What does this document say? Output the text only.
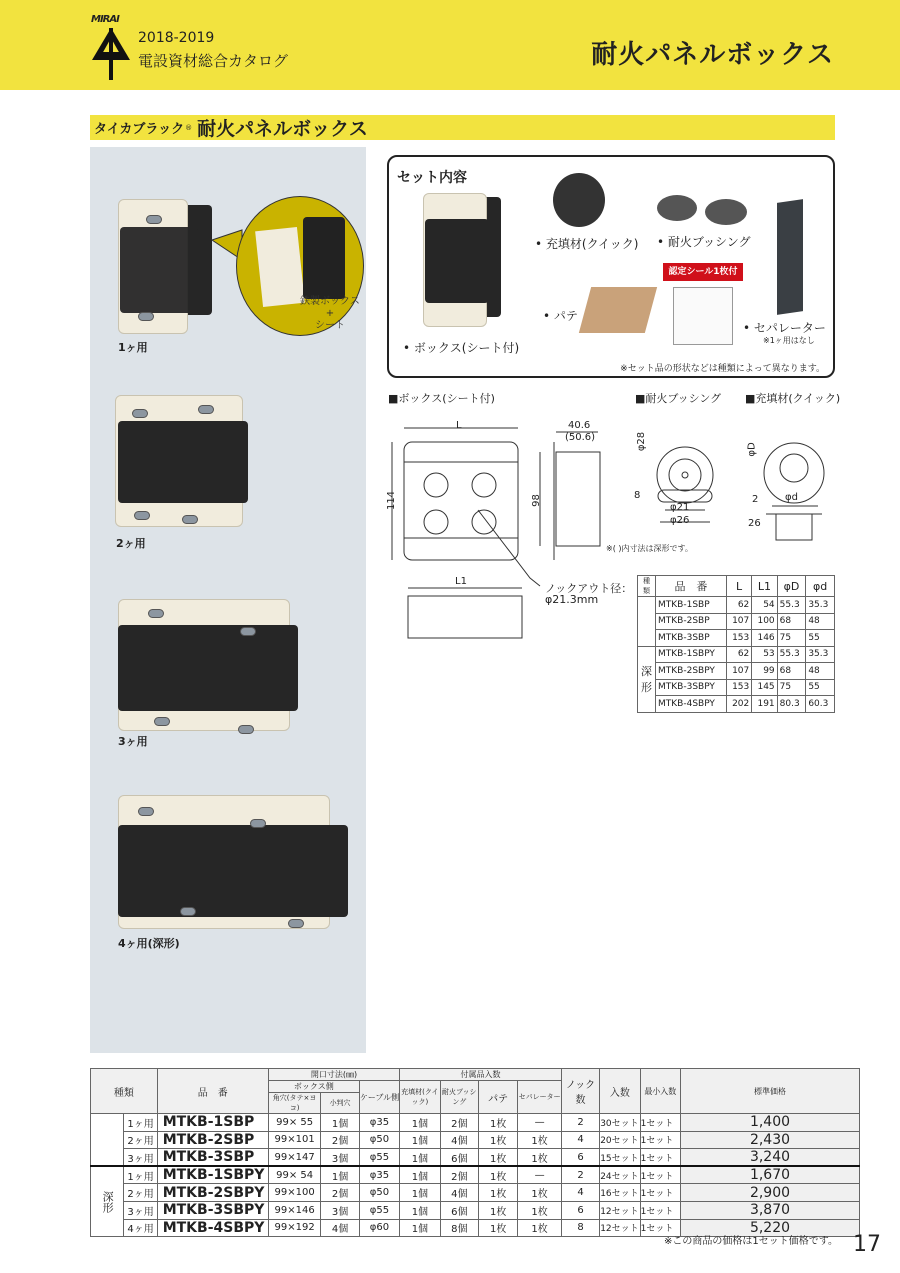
MIRAI
2018-2019
電設資材総合カタログ	耐火パネルボックス
タイカブラック ® 耐火パネルボックス
1ヶ用
2ヶ用
3ヶ用
4ヶ用(深形)
鉄製ボックス
+
シート
セット内容
• ボックス(シート付)
• 充填材(クイック) • 耐火ブッシング
• パテ
認定シール1枚付
• セパレーター
※1ヶ用はなし
※セット品の形状などは種類によって異なります。
■ボックス(シート付)	■耐火ブッシング ■充填材(クイック)
L
114	98
40.6
(50.6)
L1
ノックアウト径：
φ21.3mm
※( )内寸法は深形です。
φ28
8
φ21
φ26
φD
φd
2
26
種類	品　番	L	L1	φD	φd
	MTKB-1SBP	62	54	55.3	35.3
	MTKB-2SBP	107	100	68	48
	MTKB-3SBP	153	146	75	55
深形	MTKB-1SBPY	62	53	55.3	35.3
	MTKB-2SBPY	107	99	68	48
	MTKB-3SBPY	153	145	75	55
	MTKB-4SBPY	202	191	80.3	60.3
種類		品　番	開口寸法(㎜)			付属品入数				ノック数	入数	最小入数	標準価格
			ボックス側		ケーブル側	充填材(クイック)	耐火ブッシング	パテ	セパレーター				
			角穴(タテ×ヨコ)	小判穴									
	1ヶ用	MTKB-1SBP	99× 55	1個	φ35	1個	2個	1枚	—	2	30セット	1セット	1,400
	2ヶ用	MTKB-2SBP	99×101	2個	φ50	1個	4個	1枚	1枚	4	20セット	1セット	2,430
	3ヶ用	MTKB-3SBP	99×147	3個	φ55	1個	6個	1枚	1枚	6	15セット	1セット	3,240
深形	1ヶ用	MTKB-1SBPY	99× 54	1個	φ35	1個	2個	1枚	—	2	24セット	1セット	1,670
	2ヶ用	MTKB-2SBPY	99×100	2個	φ50	1個	4個	1枚	1枚	4	16セット	1セット	2,900
	3ヶ用	MTKB-3SBPY	99×146	3個	φ55	1個	6個	1枚	1枚	6	12セット	1セット	3,870
	4ヶ用	MTKB-4SBPY	99×192	4個	φ60	1個	8個	1枚	1枚	8	12セット	1セット	5,220
※この商品の価格は1セット価格です。 17
